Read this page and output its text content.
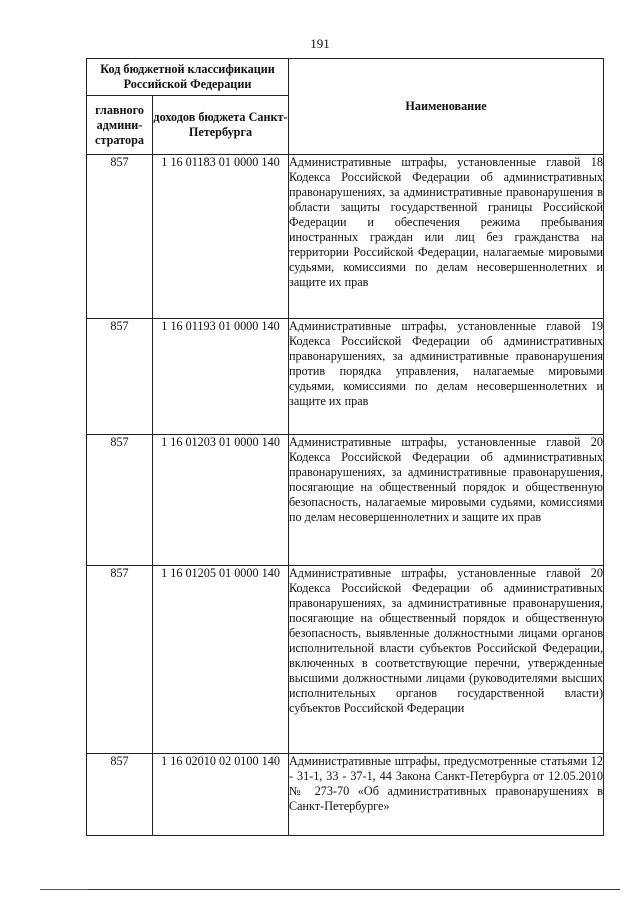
191
Код бюджетной классификации Российской Федерации		Наименование
главного админи-стратора	доходов бюджета Санкт-Петербурга	
857	1 16 01183 01 0000 140	Административные штрафы, установленные главой 18 Кодекса Российской Федерации об административных правонарушениях, за административные правонарушения в области защиты государственной границы Российской Федерации и обеспечения режима пребывания иностранных граждан или лиц без гражданства на территории Российской Федерации, налагаемые мировыми судьями, комиссиями по делам несовершеннолетних и защите их прав
857	1 16 01193 01 0000 140	Административные штрафы, установленные главой 19 Кодекса Российской Федерации об административных правонарушениях, за административные правонарушения против порядка управления, налагаемые мировыми судьями, комиссиями по делам несовершеннолетних и защите их прав
857	1 16 01203 01 0000 140	Административные штрафы, установленные главой 20 Кодекса Российской Федерации об административных правонарушениях, за административные правонарушения, посягающие на общественный порядок и общественную безопасность, налагаемые мировыми судьями, комиссиями по делам несовершеннолетних и защите их прав
857	1 16 01205 01 0000 140	Административные штрафы, установленные главой 20 Кодекса Российской Федерации об административных правонарушениях, за административные правонарушения, посягающие на общественный порядок и общественную безопасность, выявленные должностными лицами органов исполнительной власти субъектов Российской Федерации, включенных в соответствующие перечни, утвержденные высшими должностными лицами (руководителями высших исполнительных органов государственной власти) субъектов Российской Федерации
857	1 16 02010 02 0100 140	Административные штрафы, предусмотренные статьями 12 - 31-1, 33 - 37-1, 44 Закона Санкт-Петербурга от 12.05.2010 № 273-70 «Об административных правонарушениях в Санкт-Петербурге»
